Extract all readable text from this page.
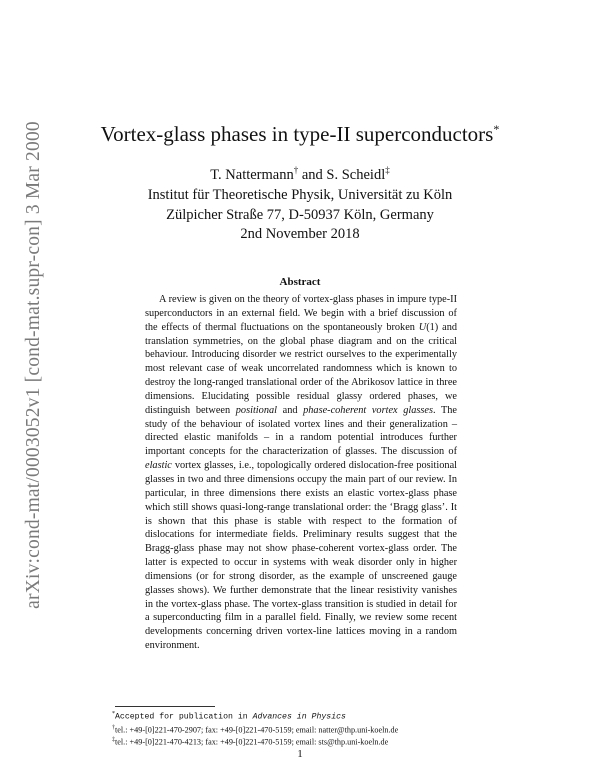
arXiv:cond-mat/0003052v1 [cond-mat.supr-con] 3 Mar 2000	Vortex-glass phases in type-II superconductors*
T. Nattermann† and S. Scheidl‡
Institut für Theoretische Physik, Universität zu Köln
Zülpicher Straße 77, D-50937 Köln, Germany
2nd November 2018
Abstract

A review is given on the theory of vortex-glass phases in impure type-II superconductors in an external field. We begin with a brief discussion of the effects of thermal fluctuations on the spontaneously broken U(1) and translation symmetries, on the global phase diagram and on the critical behaviour. Introducing disorder we restrict ourselves to the experimentally most relevant case of weak uncorrelated randomness which is known to destroy the long-ranged translational order of the Abrikosov lattice in three dimensions. Elucidating possible residual glassy ordered phases, we distinguish between positional and phase-coherent vortex glasses. The study of the behaviour of isolated vortex lines and their generalization – directed elastic manifolds – in a random potential introduces further important concepts for the characterization of glasses. The discussion of elastic vortex glasses, i.e., topologically ordered dislocation-free positional glasses in two and three dimensions occupy the main part of our review. In particular, in three dimensions there exists an elastic vortex-glass phase which still shows quasi-long-range translational order: the ‘Bragg glass’. It is shown that this phase is stable with respect to the formation of dislocations for intermediate fields. Preliminary results suggest that the Bragg-glass phase may not show phase-coherent vortex-glass order. The latter is expected to occur in systems with weak disorder only in higher dimensions (or for strong disorder, as the example of unscreened gauge glasses shows). We further demonstrate that the linear resistivity vanishes in the vortex-glass phase. The vortex-glass transition is studied in detail for a superconducting film in a parallel field. Finally, we review some recent developments concerning driven vortex-line lattices moving in a random environment.

*Accepted for publication in Advances in Physics
†tel.: +49-[0]221-470-2907; fax: +49-[0]221-470-5159; email: natter@thp.uni-koeln.de
‡tel.: +49-[0]221-470-4213; fax: +49-[0]221-470-5159; email: sts@thp.uni-koeln.de
1
